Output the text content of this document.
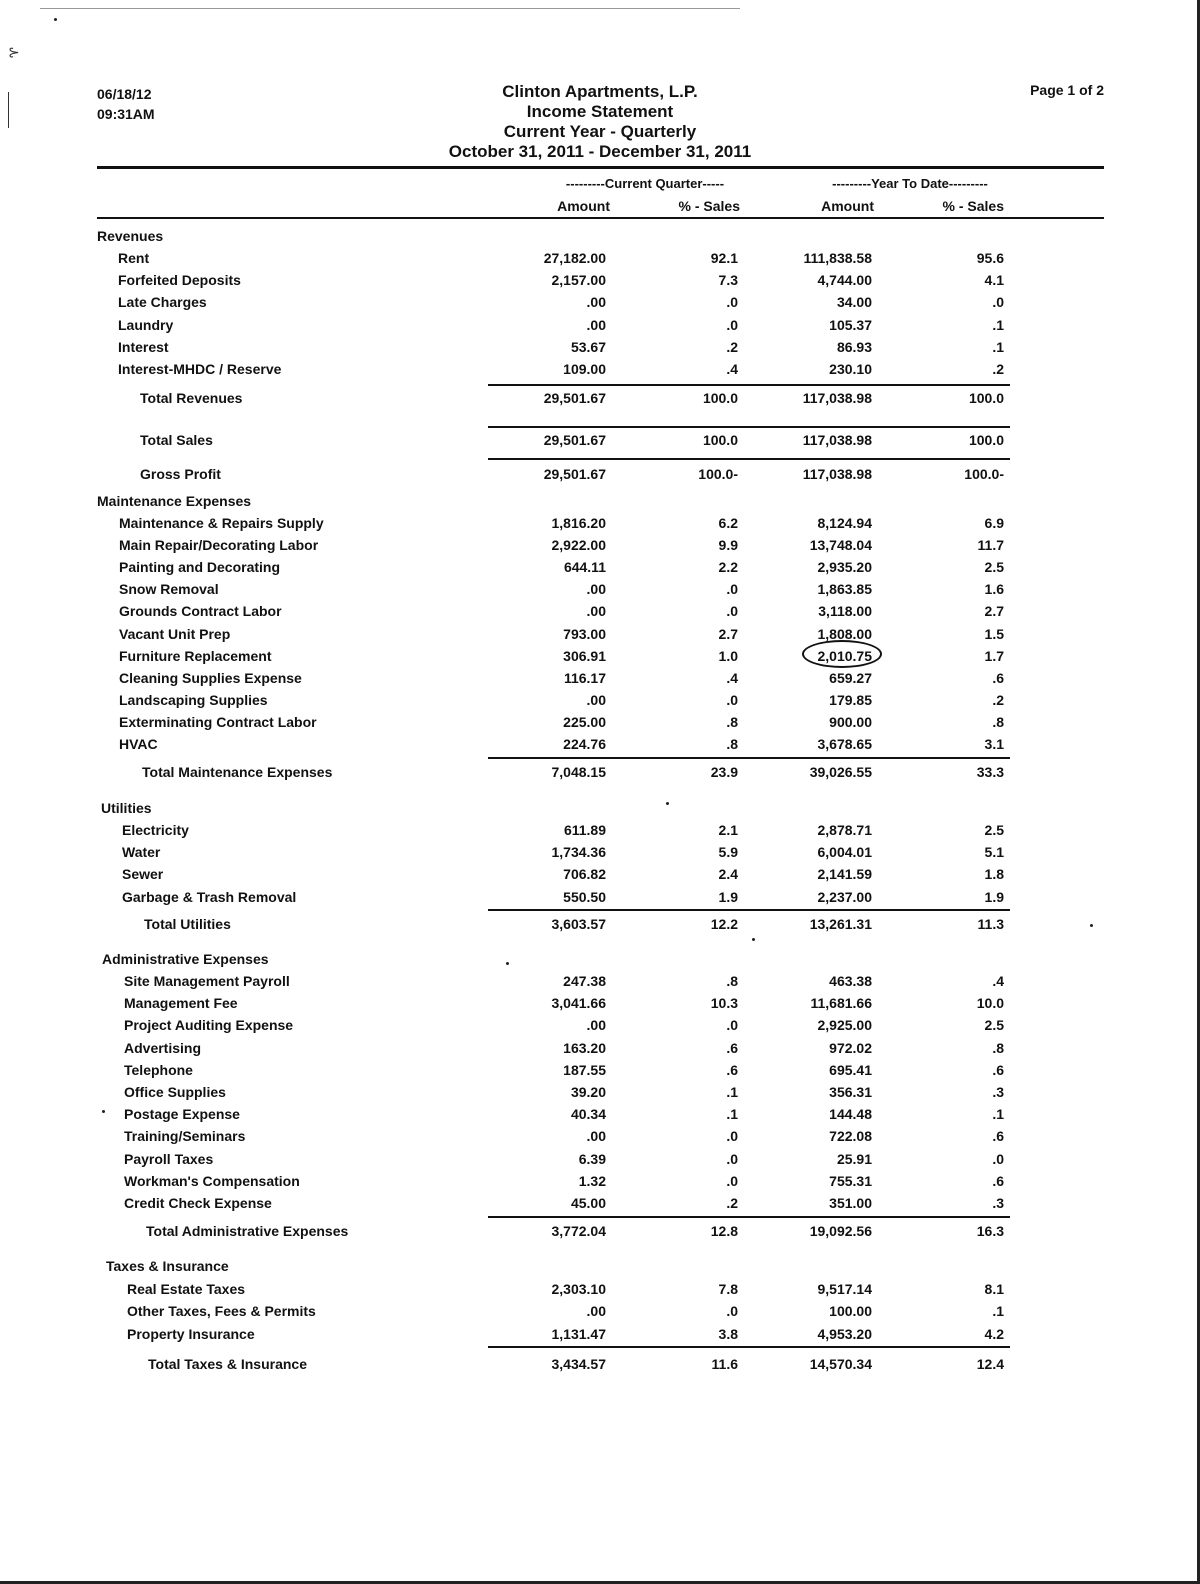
⊱
06/18/12
09:31AM
Page 1 of 2
Clinton Apartments, L.P.
Income Statement
Current Year - Quarterly
October 31, 2011 - December 31, 2011
---------Current Quarter-----	---------Year To Date---------
Amount	% - Sales	Amount	% - Sales
Revenues
Rent	27,182.00	92.1	111,838.58	95.6
Forfeited Deposits	2,157.00	7.3	4,744.00	4.1
Late Charges	.00	.0	34.00	.0
Laundry	.00	.0	105.37	.1
Interest	53.67	.2	86.93	.1
Interest-MHDC / Reserve	109.00	.4	230.10	.2
Total Revenues	29,501.67	100.0	117,038.98	100.0
Total Sales	29,501.67	100.0	117,038.98	100.0
Gross Profit	29,501.67	100.0-	117,038.98	100.0-
Maintenance Expenses
Maintenance & Repairs Supply	1,816.20	6.2	8,124.94	6.9
Main Repair/Decorating Labor	2,922.00	9.9	13,748.04	11.7
Painting and Decorating	644.11	2.2	2,935.20	2.5
Snow Removal	.00	.0	1,863.85	1.6
Grounds Contract Labor	.00	.0	3,118.00	2.7
Vacant Unit Prep	793.00	2.7	1,808.00	1.5
Furniture Replacement	306.91	1.0	2,010.75	1.7
Cleaning Supplies Expense	116.17	.4	659.27	.6
Landscaping Supplies	.00	.0	179.85	.2
Exterminating Contract Labor	225.00	.8	900.00	.8
HVAC	224.76	.8	3,678.65	3.1
Total Maintenance Expenses	7,048.15	23.9	39,026.55	33.3
Utilities
Electricity	611.89	2.1	2,878.71	2.5
Water	1,734.36	5.9	6,004.01	5.1
Sewer	706.82	2.4	2,141.59	1.8
Garbage & Trash Removal	550.50	1.9	2,237.00	1.9
Total Utilities	3,603.57	12.2	13,261.31	11.3
Administrative Expenses
Site Management Payroll	247.38	.8	463.38	.4
Management Fee	3,041.66	10.3	11,681.66	10.0
Project Auditing Expense	.00	.0	2,925.00	2.5
Advertising	163.20	.6	972.02	.8
Telephone	187.55	.6	695.41	.6
Office Supplies	39.20	.1	356.31	.3
Postage Expense	40.34	.1	144.48	.1
Training/Seminars	.00	.0	722.08	.6
Payroll Taxes	6.39	.0	25.91	.0
Workman's Compensation	1.32	.0	755.31	.6
Credit Check Expense	45.00	.2	351.00	.3
Total Administrative Expenses	3,772.04	12.8	19,092.56	16.3
Taxes & Insurance
Real Estate Taxes	2,303.10	7.8	9,517.14	8.1
Other Taxes, Fees & Permits	.00	.0	100.00	.1
Property Insurance	1,131.47	3.8	4,953.20	4.2
Total Taxes & Insurance	3,434.57	11.6	14,570.34	12.4
